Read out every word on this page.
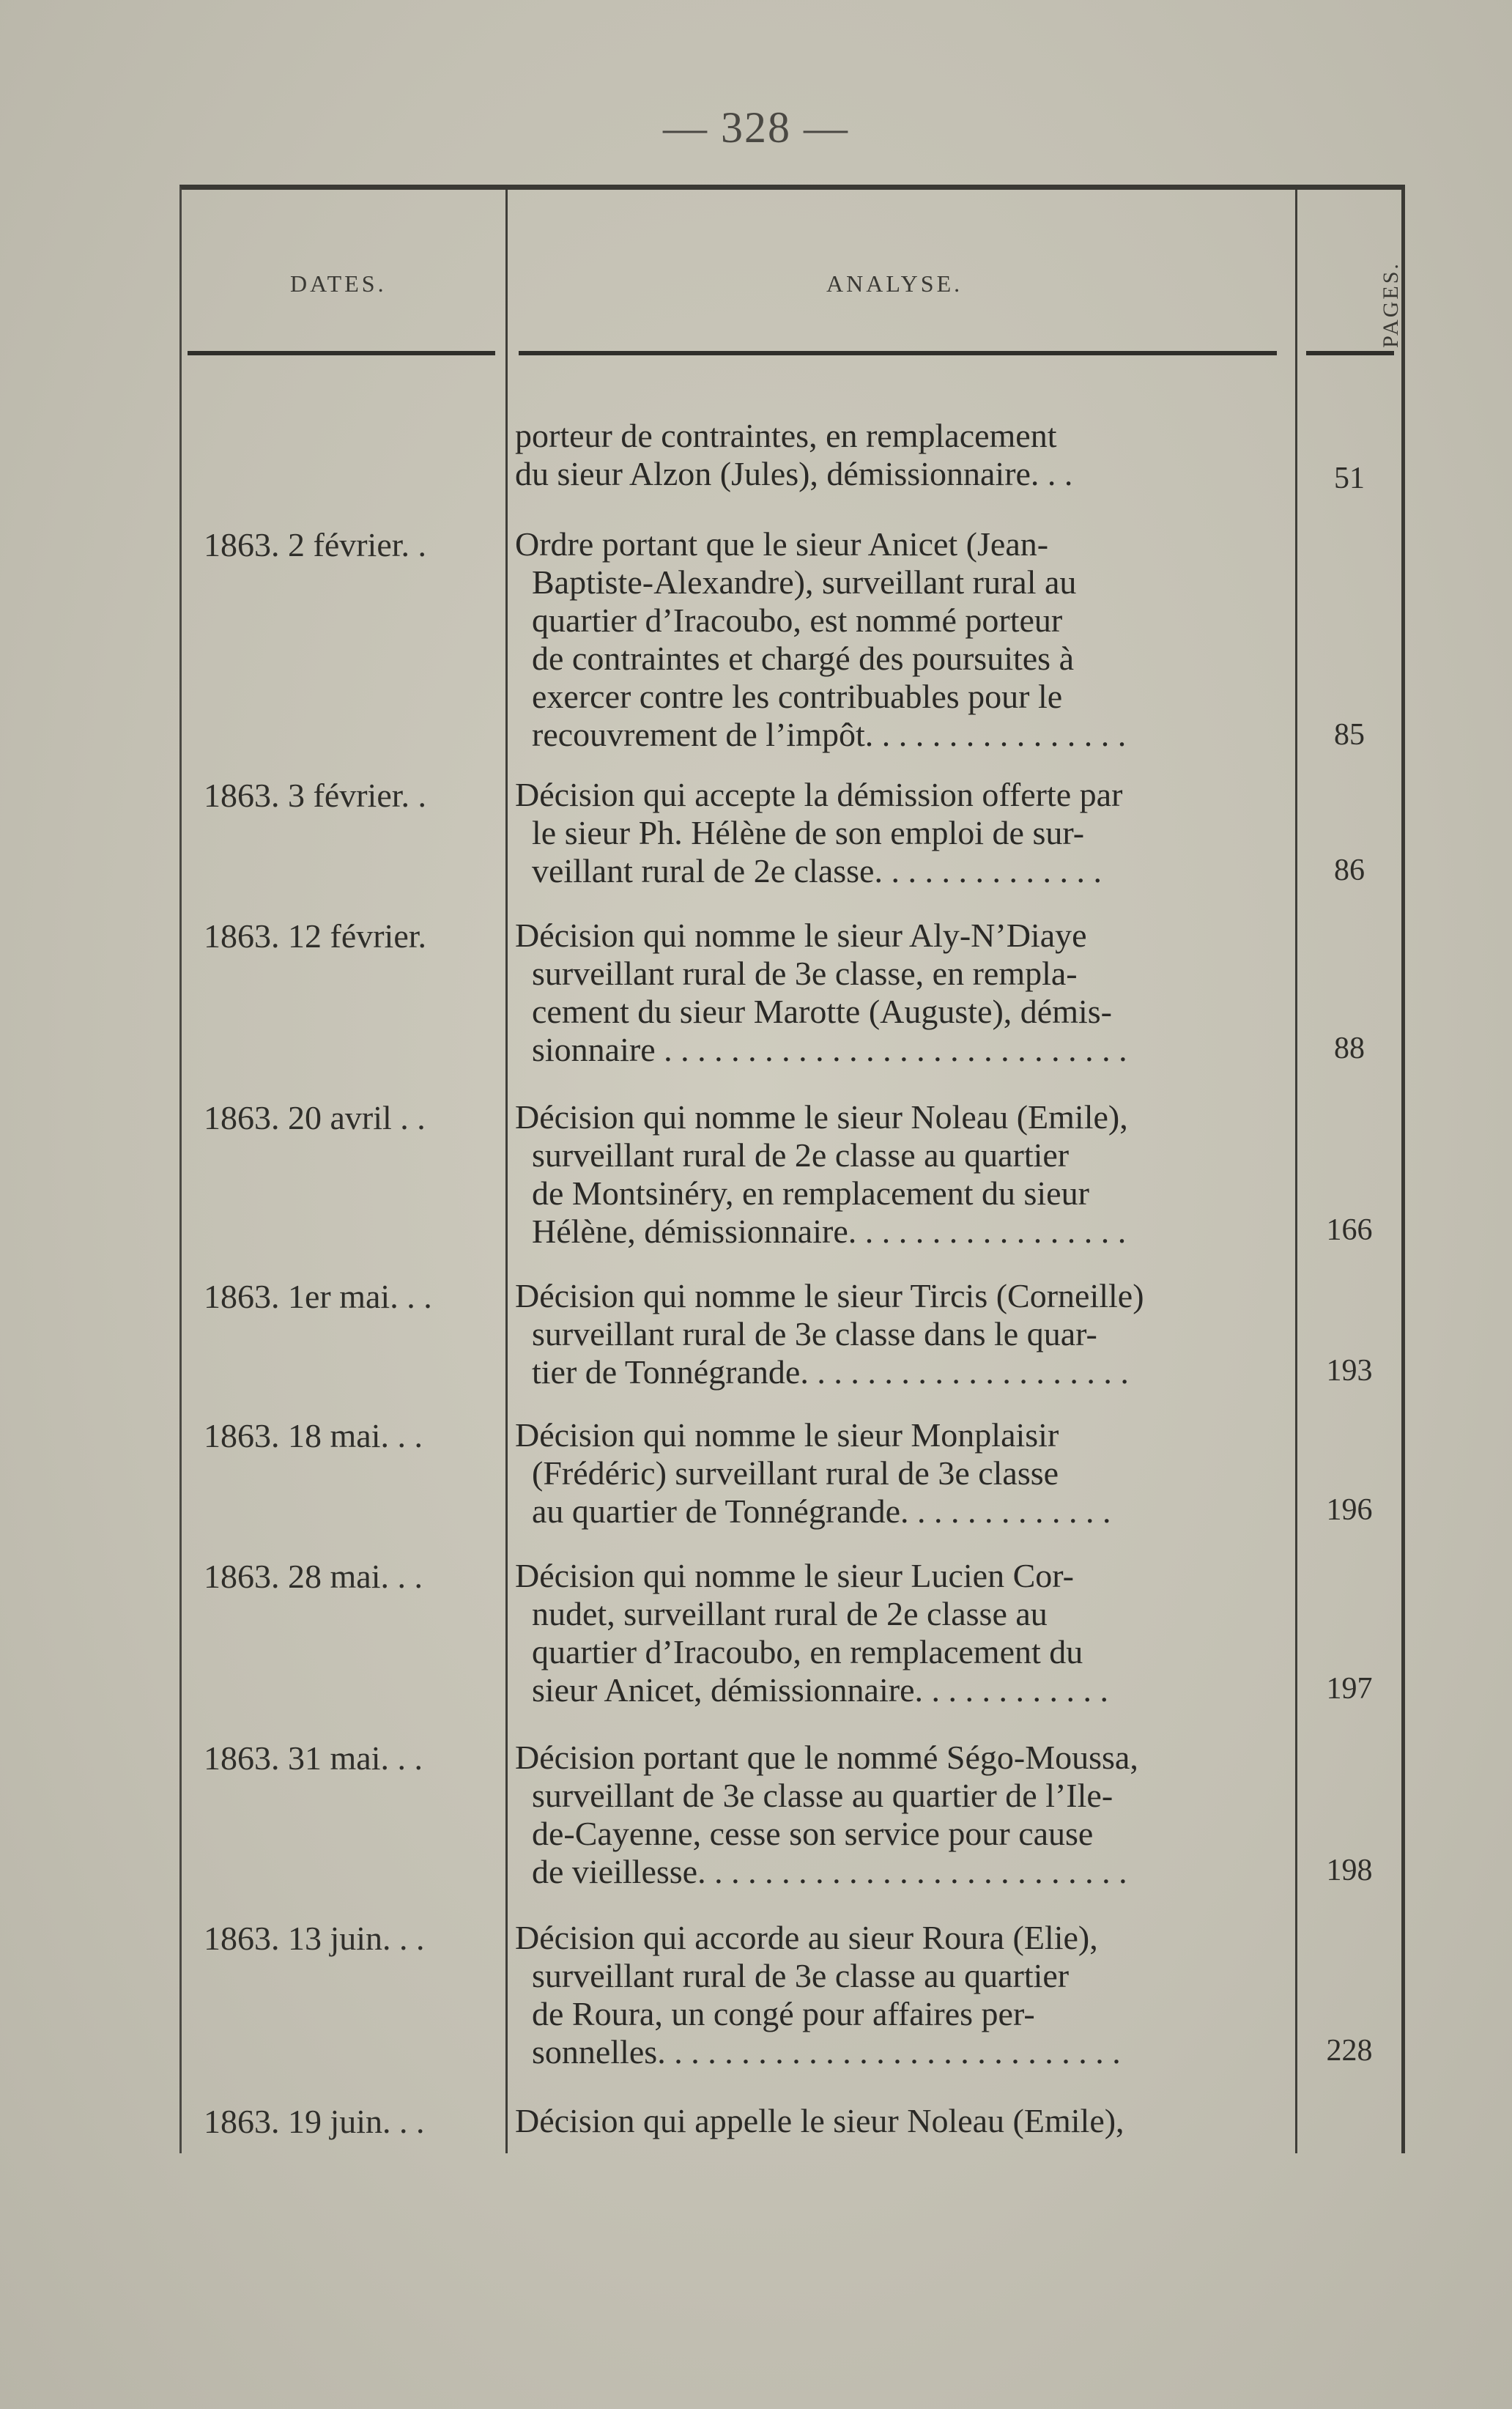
— 328 —
DATES.	ANALYSE.	PAGES.
porteur de contraintes, en remplacement
du sieur Alzon (Jules), démissionnaire. . .	51
1863. 2 février. .	Ordre portant que le sieur Anicet (Jean-
Baptiste-Alexandre), surveillant rural au
quartier d’Iracoubo, est nommé porteur
de contraintes et chargé des poursuites à
exercer contre les contribuables pour le
recouvrement de l’impôt. . . . . . . . . . . . . . . .	85
1863. 3 février. .	Décision qui accepte la démission offerte par
le sieur Ph. Hélène de son emploi de sur-
veillant rural de 2e classe. . . . . . . . . . . . . .	86
1863. 12 février.	Décision qui nomme le sieur Aly-N’Diaye
surveillant rural de 3e classe, en rempla-
cement du sieur Marotte (Auguste), démis-
sionnaire . . . . . . . . . . . . . . . . . . . . . . . . . . . .	88
1863. 20 avril . .	Décision qui nomme le sieur Noleau (Emile),
surveillant rural de 2e classe au quartier
de Montsinéry, en remplacement du sieur
Hélène, démissionnaire. . . . . . . . . . . . . . . . .	166
1863. 1er mai. . .	Décision qui nomme le sieur Tircis (Corneille)
surveillant rural de 3e classe dans le quar-
tier de Tonnégrande. . . . . . . . . . . . . . . . . . . .	193
1863. 18 mai. . .	Décision qui nomme le sieur Monplaisir
(Frédéric) surveillant rural de 3e classe
au quartier de Tonnégrande. . . . . . . . . . . . .	196
1863. 28 mai. . .	Décision qui nomme le sieur Lucien Cor-
nudet, surveillant rural de 2e classe au
quartier d’Iracoubo, en remplacement du
sieur Anicet, démissionnaire. . . . . . . . . . . .	197
1863. 31 mai. . .	Décision portant que le nommé Ségo-Moussa,
surveillant de 3e classe au quartier de l’Ile-
de-Cayenne, cesse son service pour cause
de vieillesse. . . . . . . . . . . . . . . . . . . . . . . . . .	198
1863. 13 juin. . .	Décision qui accorde au sieur Roura (Elie),
surveillant rural de 3e classe au quartier
de Roura, un congé pour affaires per-
sonnelles. . . . . . . . . . . . . . . . . . . . . . . . . . . .	228
1863. 19 juin. . .	Décision qui appelle le sieur Noleau (Emile),
